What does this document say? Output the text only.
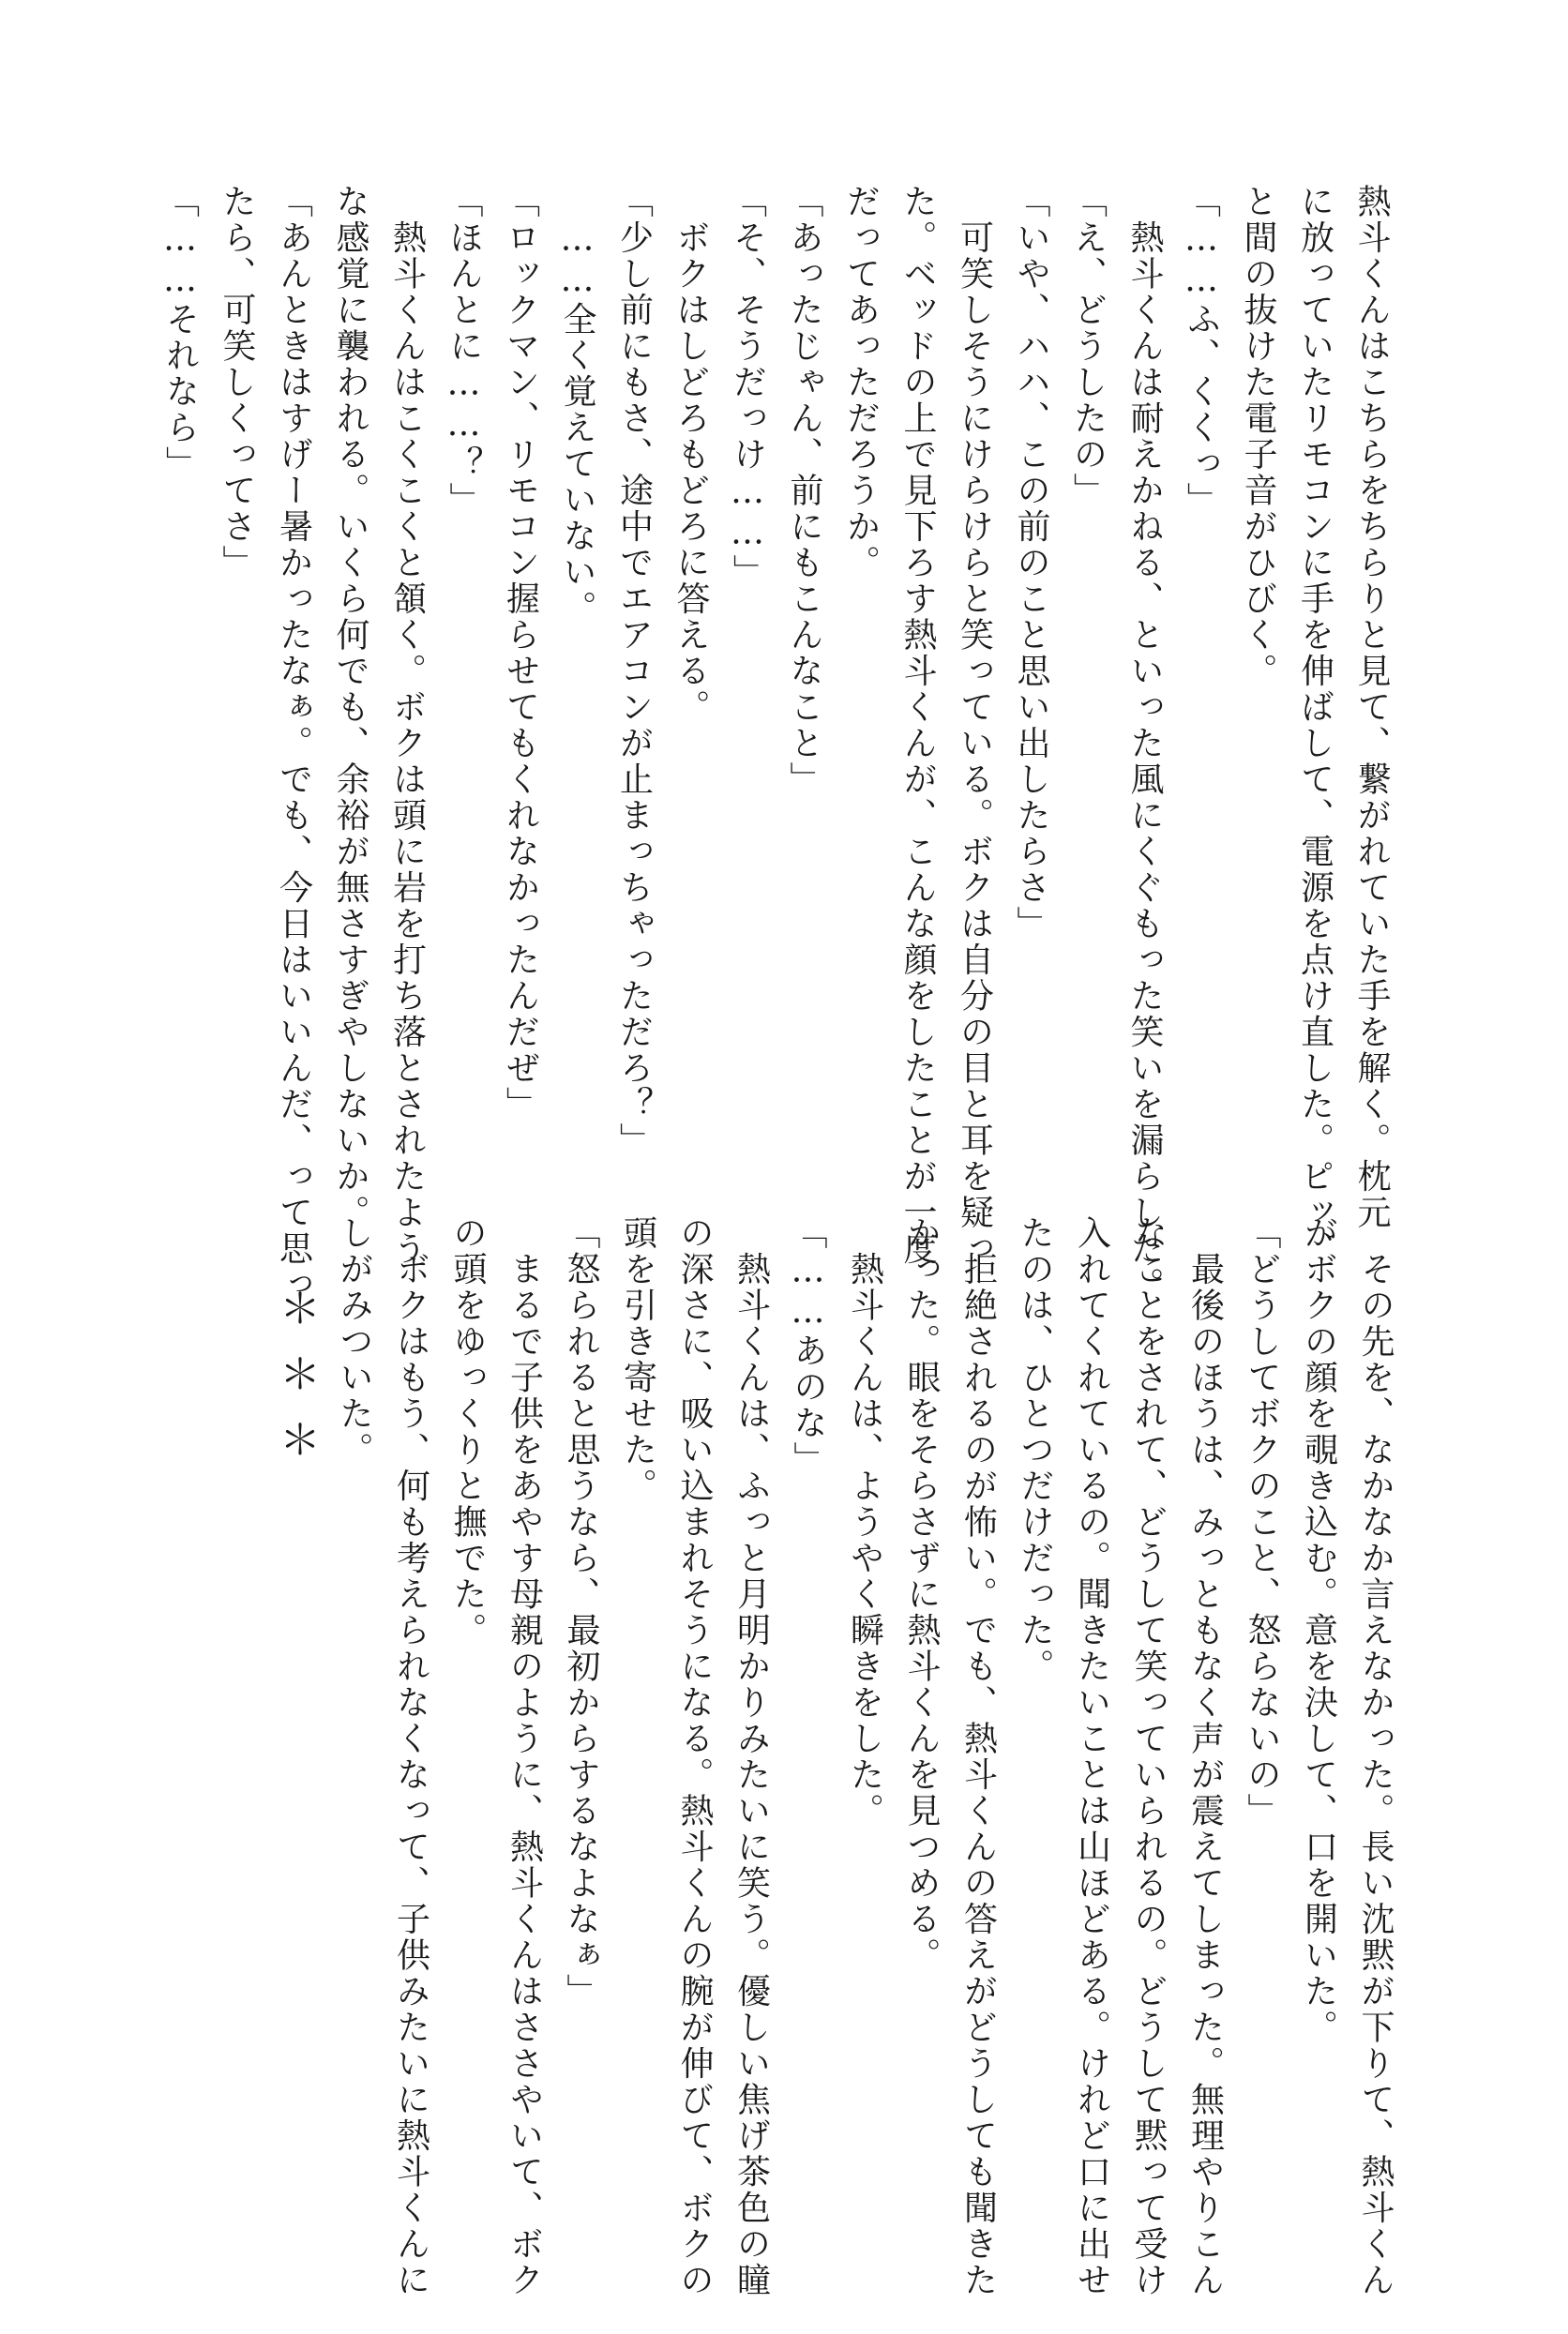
熱斗くんはこちらをちらりと見て、繋がれていた手を解く。枕元
に放っていたリモコンに手を伸ばして、電源を点け直した。ピッ、
と間の抜けた電子音がひびく。
「……ふ、くくっ」
　熱斗くんは耐えかねる、といった風にくぐもった笑いを漏らした。
「え、どうしたの」
「いや、ハハ、この前のこと思い出したらさ」
　可笑しそうにけらけらと笑っている。ボクは自分の目と耳を疑っ
た。ベッドの上で見下ろす熱斗くんが、こんな顔をしたことが一度
だってあっただろうか。
「あったじゃん、前にもこんなこと」
「そ、そうだっけ……」
　ボクはしどろもどろに答える。
「少し前にもさ、途中でエアコンが止まっちゃっただろ？」
　……全く覚えていない。
「ロックマン、リモコン握らせてもくれなかったんだぜ」
「ほんとに……？」
　熱斗くんはこくこくと頷く。ボクは頭に岩を打ち落とされたよう
な感覚に襲われる。いくら何でも、余裕が無さすぎやしないか。
「あんときはすげー暑かったなぁ。でも、今日はいいんだ、って思っ
たら、可笑しくってさ」
「……それなら」
　その先を、なかなか言えなかった。長い沈黙が下りて、熱斗くん
がボクの顔を覗き込む。意を決して、口を開いた。
「どうしてボクのこと、怒らないの」
　最後のほうは、みっともなく声が震えてしまった。無理やりこん
なことをされて、どうして笑っていられるの。どうして黙って受け
入れてくれているの。聞きたいことは山ほどある。けれど口に出せ
たのは、ひとつだけだった。
　拒絶されるのが怖い。でも、熱斗くんの答えがどうしても聞きた
かった。眼をそらさずに熱斗くんを見つめる。
　熱斗くんは、ようやく瞬きをした。
「……あのな」
　熱斗くんは、ふっと月明かりみたいに笑う。優しい焦げ茶色の瞳
の深さに、吸い込まれそうになる。熱斗くんの腕が伸びて、ボクの
頭を引き寄せた。
「怒られると思うなら、最初からするなよなぁ」
　まるで子供をあやす母親のように、熱斗くんはささやいて、ボク
の頭をゆっくりと撫でた。
　ボクはもう、何も考えられなくなって、子供みたいに熱斗くんに
しがみついた。
＊＊＊
